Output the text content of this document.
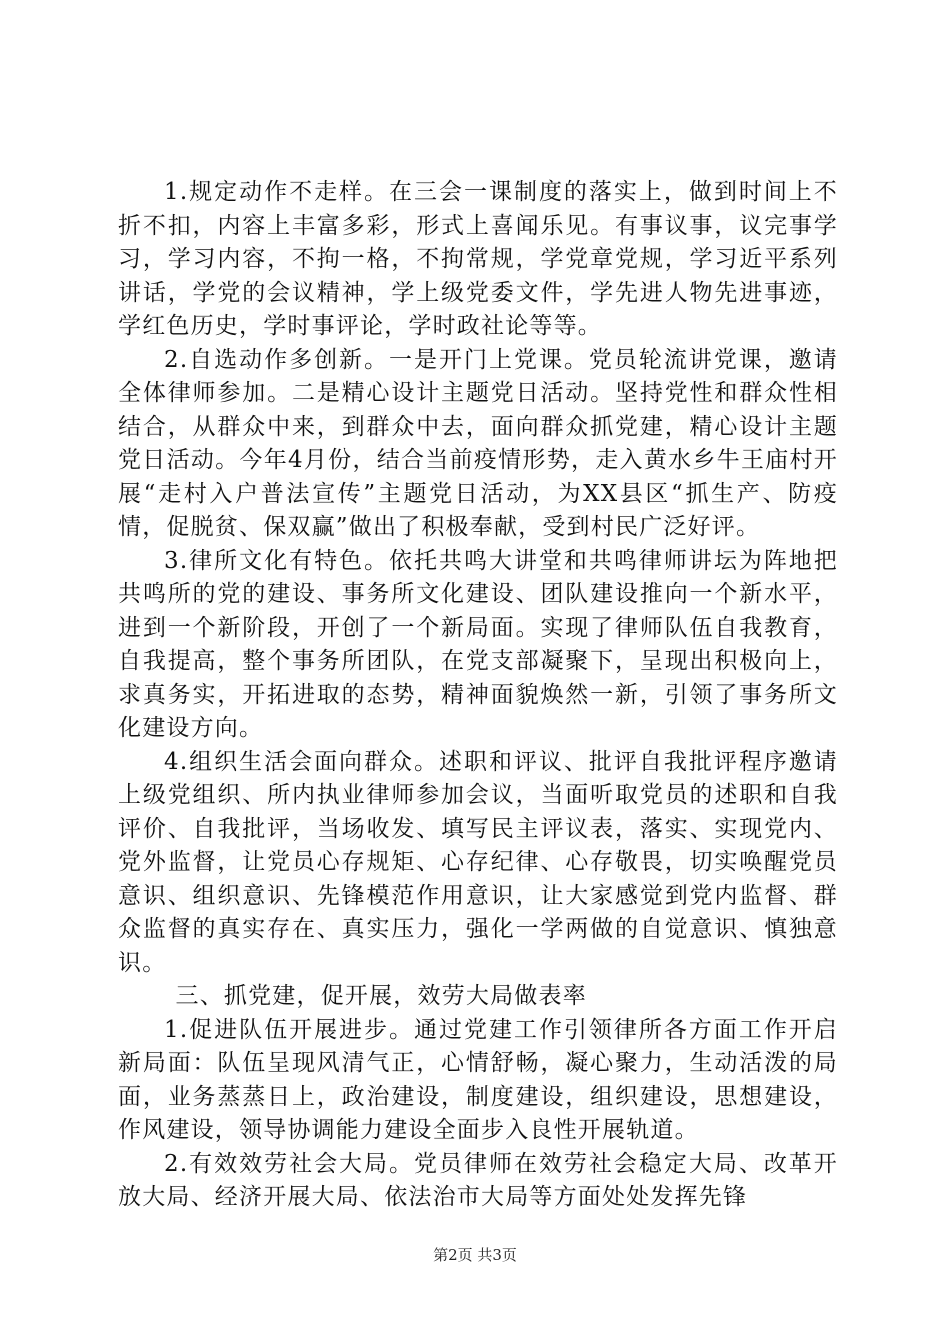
1.规定动作不走样。在三会一课制度的落实上，做到时间上不折不扣，内容上丰富多彩，形式上喜闻乐见。有事议事，议完事学习，学习内容，不拘一格，不拘常规，学党章党规，学习近平系列讲话，学党的会议精神，学上级党委文件，学先进人物先进事迹，学红色历史，学时事评论，学时政社论等等。

2.自选动作多创新。一是开门上党课。党员轮流讲党课，邀请全体律师参加。二是精心设计主题党日活动。坚持党性和群众性相结合，从群众中来，到群众中去，面向群众抓党建，精心设计主题党日活动。今年4月份，结合当前疫情形势，走入黄水乡牛王庙村开展“走村入户普法宣传”主题党日活动，为XX县区“抓生产、防疫情，促脱贫、保双赢”做出了积极奉献，受到村民广泛好评。

3.律所文化有特色。依托共鸣大讲堂和共鸣律师讲坛为阵地把共鸣所的党的建设、事务所文化建设、团队建设推向一个新水平，进到一个新阶段，开创了一个新局面。实现了律师队伍自我教育，自我提高，整个事务所团队，在党支部凝聚下，呈现出积极向上，求真务实，开拓进取的态势，精神面貌焕然一新，引领了事务所文化建设方向。

4.组织生活会面向群众。述职和评议、批评自我批评程序邀请上级党组织、所内执业律师参加会议，当面听取党员的述职和自我评价、自我批评，当场收发、填写民主评议表，落实、实现党内、党外监督，让党员心存规矩、心存纪律、心存敬畏，切实唤醒党员意识、组织意识、先锋模范作用意识，让大家感觉到党内监督、群众监督的真实存在、真实压力，强化一学两做的自觉意识、慎独意识。

三、抓党建，促开展，效劳大局做表率

1.促进队伍开展进步。通过党建工作引领律所各方面工作开启新局面：队伍呈现风清气正，心情舒畅，凝心聚力，生动活泼的局面，业务蒸蒸日上，政治建设，制度建设，组织建设，思想建设，作风建设，领导协调能力建设全面步入良性开展轨道。

2.有效效劳社会大局。党员律师在效劳社会稳定大局、改革开放大局、经济开展大局、依法治市大局等方面处处发挥先锋

第2页 共3页
